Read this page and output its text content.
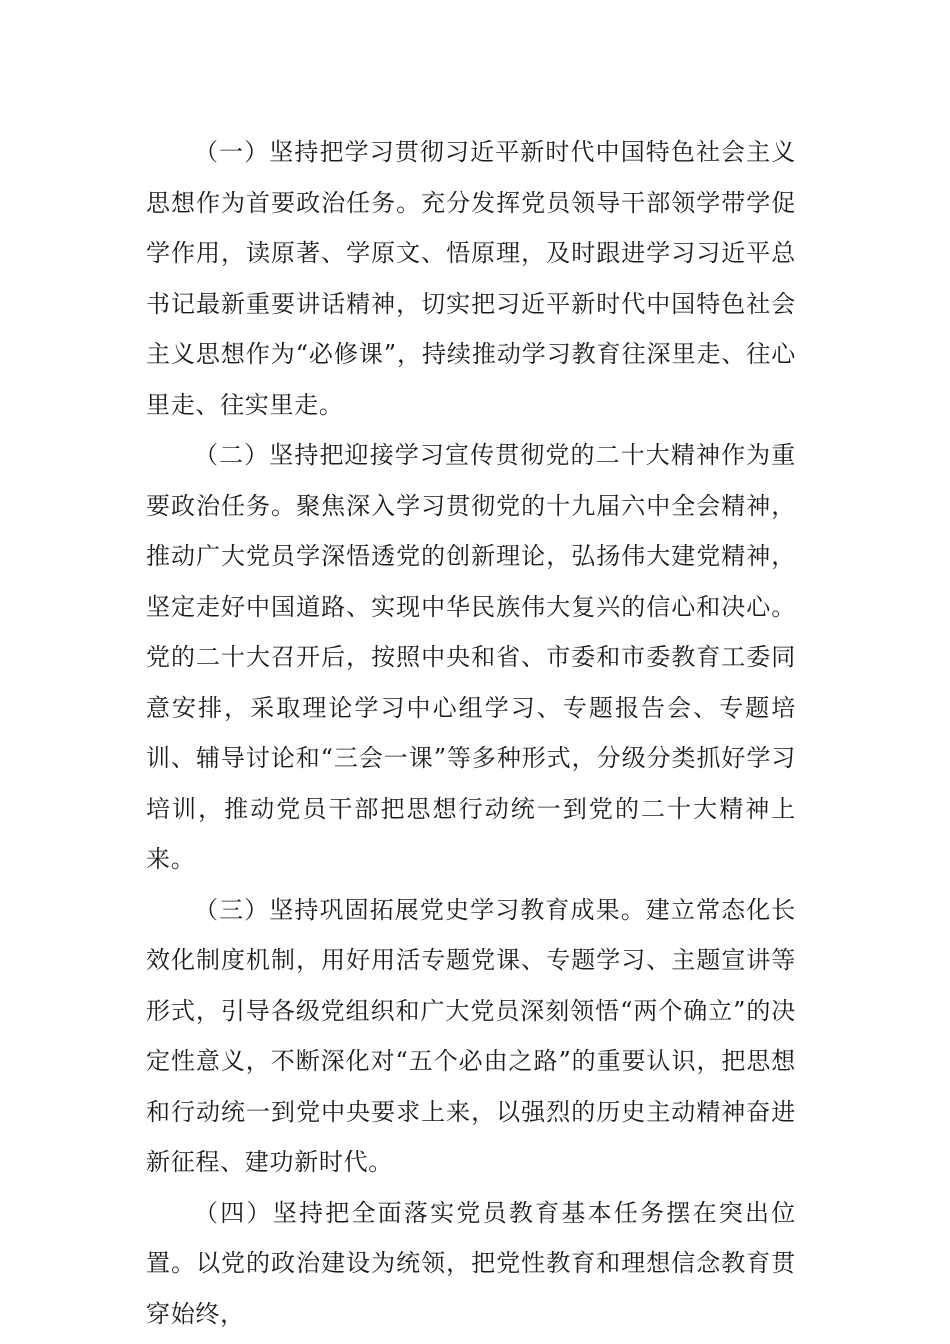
（一）坚持把学习贯彻习近平新时代中国特色社会主义思想作为首要政治任务。充分发挥党员领导干部领学带学促学作用，读原著、学原文、悟原理，及时跟进学习习近平总书记最新重要讲话精神，切实把习近平新时代中国特色社会主义思想作为“必修课”，持续推动学习教育往深里走、往心里走、往实里走。

（二）坚持把迎接学习宣传贯彻党的二十大精神作为重要政治任务。聚焦深入学习贯彻党的十九届六中全会精神，推动广大党员学深悟透党的创新理论，弘扬伟大建党精神，坚定走好中国道路、实现中华民族伟大复兴的信心和决心。党的二十大召开后，按照中央和省、市委和市委教育工委同意安排，采取理论学习中心组学习、专题报告会、专题培训、辅导讨论和“三会一课”等多种形式，分级分类抓好学习培训，推动党员干部把思想行动统一到党的二十大精神上来。

（三）坚持巩固拓展党史学习教育成果。建立常态化长效化制度机制，用好用活专题党课、专题学习、主题宣讲等形式，引导各级党组织和广大党员深刻领悟“两个确立”的决定性意义，不断深化对“五个必由之路”的重要认识，把思想和行动统一到党中央要求上来，以强烈的历史主动精神奋进新征程、建功新时代。

（四）坚持把全面落实党员教育基本任务摆在突出位置。以党的政治建设为统领，把党性教育和理想信念教育贯穿始终，
